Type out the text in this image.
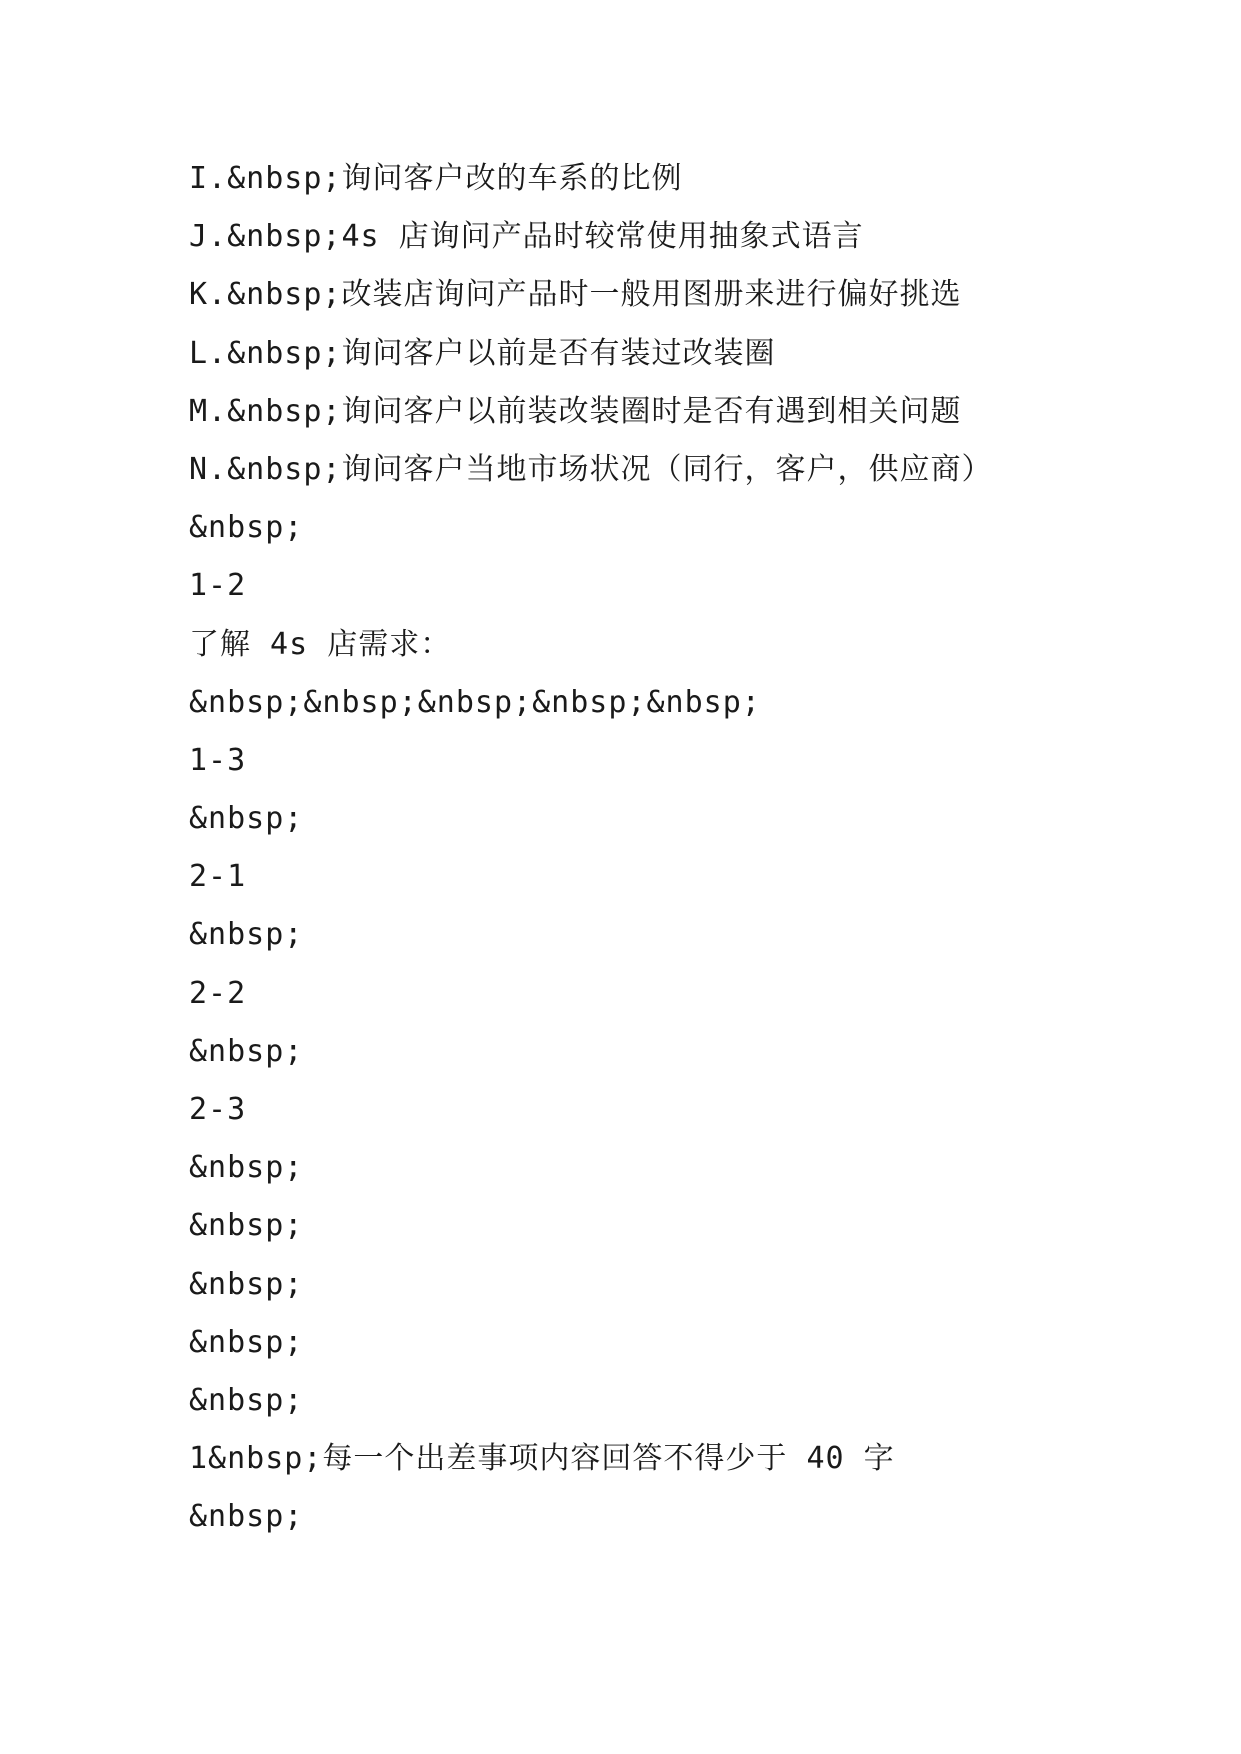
I.&nbsp;询问客户改的车系的比例
J.&nbsp;4s 店询问产品时较常使用抽象式语言
K.&nbsp;改装店询问产品时一般用图册来进行偏好挑选
L.&nbsp;询问客户以前是否有装过改装圈
M.&nbsp;询问客户以前装改装圈时是否有遇到相关问题
N.&nbsp;询问客户当地市场状况（同行，客户，供应商）
&nbsp;
1-2
了解 4s 店需求：
&nbsp;&nbsp;&nbsp;&nbsp;&nbsp;
1-3
&nbsp;
2-1
&nbsp;
2-2
&nbsp;
2-3
&nbsp;
&nbsp;
&nbsp;
&nbsp;
&nbsp;
1&nbsp;每一个出差事项内容回答不得少于 40 字
&nbsp;
